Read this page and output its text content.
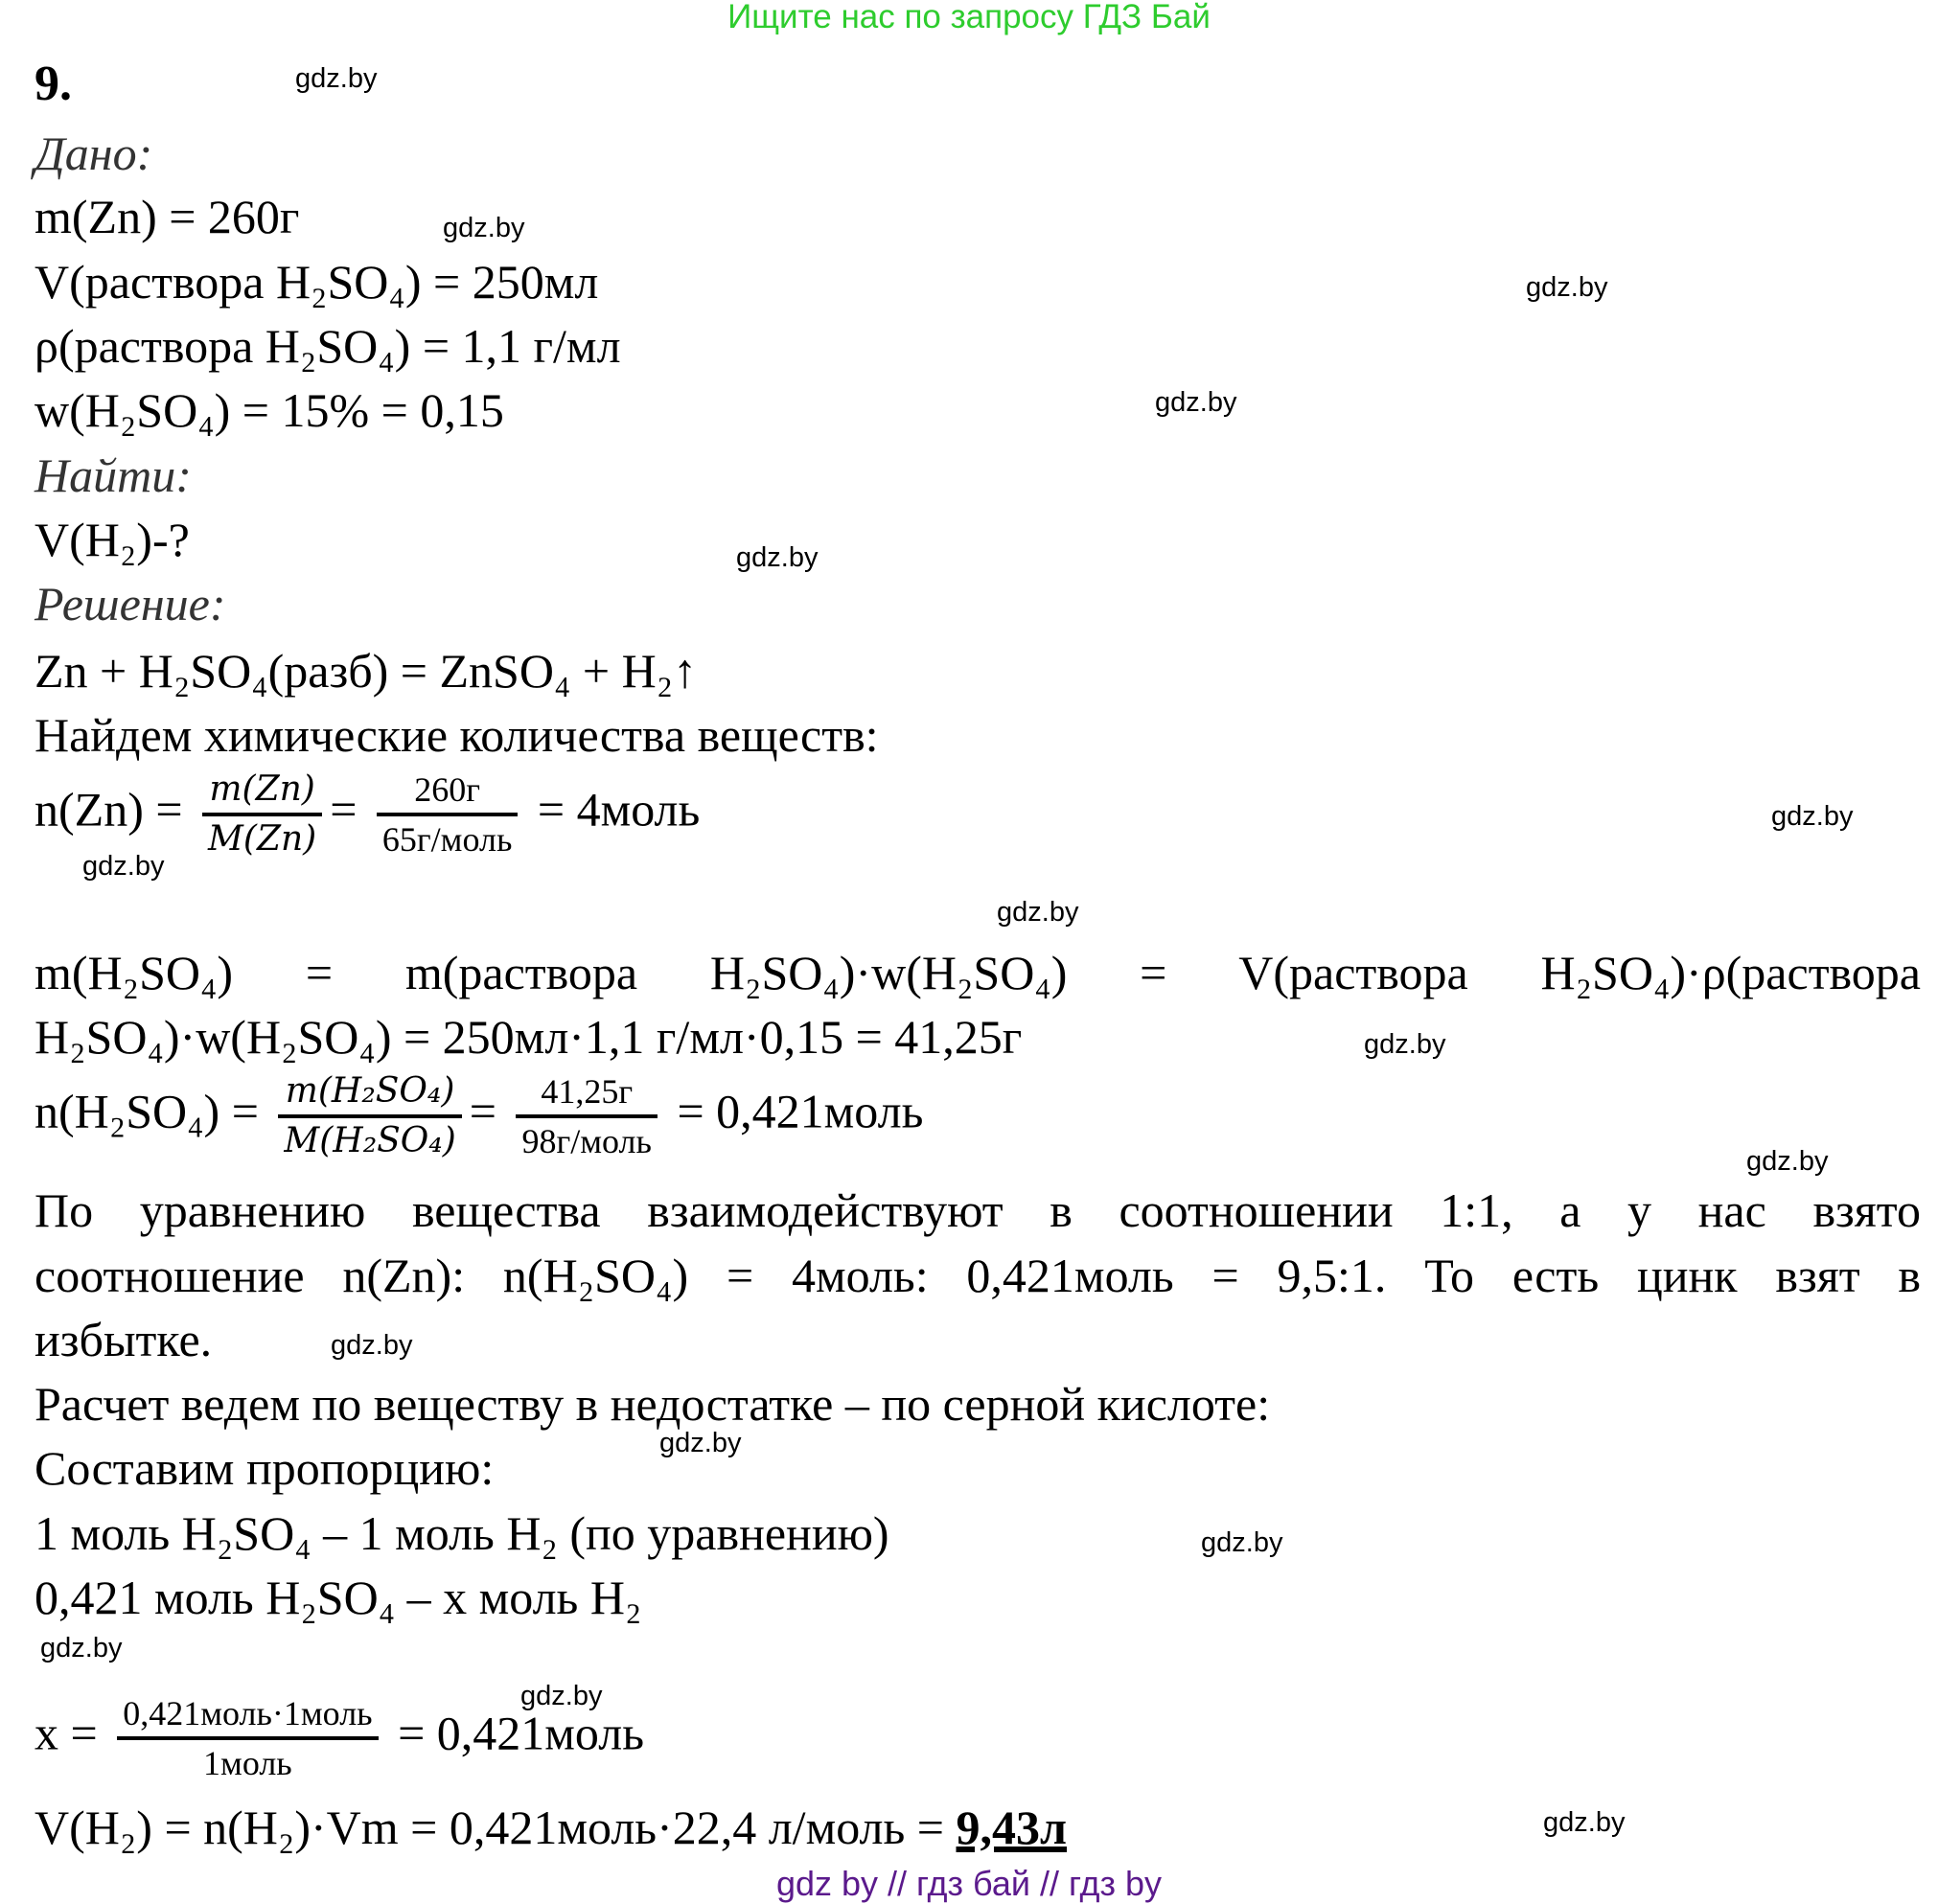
Ищите нас по запросу ГДЗ Бай
9.	gdz.by
Дано:
m(Zn) = 260г	gdz.by
V(раствора H₂SO₄) = 250мл	gdz.by
ρ(раствора H₂SO₄) = 1,1 г/мл
w(H₂SO₄) = 15% = 0,15	gdz.by
Найти:
V(H₂)-?	gdz.by
Решение:
Zn + H₂SO₄(разб) = ZnSO₄ + H₂↑
Найдем химические количества веществ:
$n(Zn) = \frac{m(Zn)}{M(Zn)} = \frac{260г}{\text{65г/моль}}$ = 4моль
gdz.by
gdz.by
gdz.by
m(H₂SO₄) = m(раствора H₂SO₄)·w(H₂SO₄) = V(раствора H₂SO₄)·ρ(раствора
H₂SO₄)·w(H₂SO₄) = 250мл·1,1 г/мл·0,15 = 41,25г	gdz.by
$n(H_2SO_4) = \frac{\text{m(H₂SO₄)}}{\text{M(H₂SO₄)}} = \frac{41,25г}{\text{98г/моль}}$ = 0,421моль
gdz.by
По уравнению вещества взаимодействуют в соотношении 1:1, а у нас взято
соотношение n(Zn): n(H₂SO₄) = 4моль: 0,421моль = 9,5:1. То есть цинк взят в
избытке.	gdz.by
Расчет ведем по веществу в недостатке – по серной кислоте:
gdz.by
Составим пропорцию:
1 моль H₂SO₄ – 1 моль H₂ (по уравнению)	gdz.by
0,421 моль H₂SO₄ – x моль H₂
gdz.by
gdz.by
$x = \frac{\text{0,421моль·1моль}}{\text{1моль}}$ = 0,421моль
V(H₂) = n(H₂)·Vm = 0,421моль·22,4 л/моль = 9,43л	gdz.by
gdz by // гдз бай // гдз by
